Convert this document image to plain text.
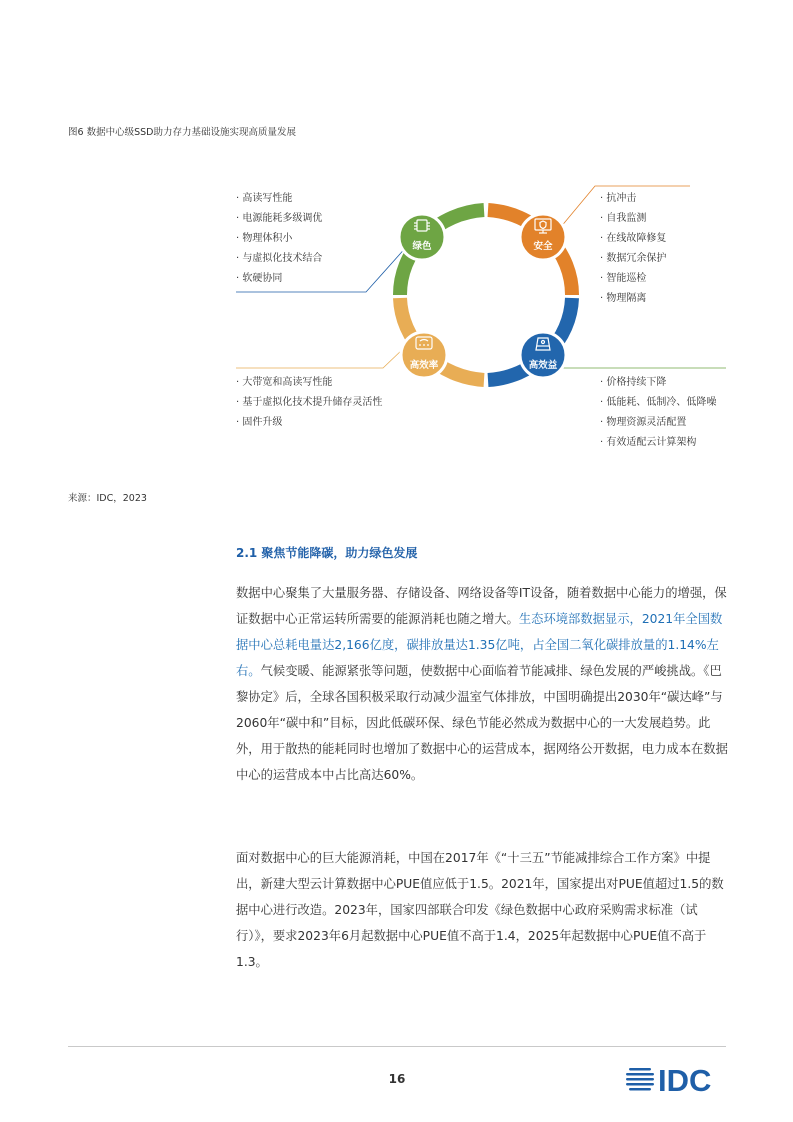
图6 数据中心级SSD助力存力基础设施实现高质量发展
绿色	安全
高效率	高效益
· 高读写性能
· 电源能耗多级调优
· 物理体积小
· 与虚拟化技术结合
· 软硬协同
· 抗冲击
· 自我监测
· 在线故障修复
· 数据冗余保护
· 智能巡检
· 物理隔离
· 大带宽和高读写性能
· 基于虚拟化技术提升储存灵活性
· 固件升级
· 价格持续下降
· 低能耗、低制冷、低降噪
· 物理资源灵活配置
· 有效适配云计算架构
来源：IDC，2023
2.1 聚焦节能降碳，助力绿色发展
数据中心聚集了大量服务器、存储设备、网络设备等IT设备，随着数据中心能力的增强，保证数据中心正常运转所需要的能源消耗也随之增大。生态环境部数据显示，2021年全国数据中心总耗电量达2,166亿度，碳排放量达1.35亿吨，占全国二氧化碳排放量的1.14%左右。气候变暖、能源紧张等问题，使数据中心面临着节能减排、绿色发展的严峻挑战。《巴黎协定》后，全球各国积极采取行动减少温室气体排放，中国明确提出2030年“碳达峰”与2060年“碳中和”目标，因此低碳环保、绿色节能必然成为数据中心的一大发展趋势。此外，用于散热的能耗同时也增加了数据中心的运营成本，据网络公开数据，电力成本在数据中心的运营成本中占比高达60%。
面对数据中心的巨大能源消耗，中国在2017年《“十三五”节能减排综合工作方案》中提出，新建大型云计算数据中心PUE值应低于1.5。2021年，国家提出对PUE值超过1.5的数据中心进行改造。2023年，国家四部联合印发《绿色数据中心政府采购需求标准（试行）》，要求2023年6月起数据中心PUE值不高于1.4，2025年起数据中心PUE值不高于1.3。
16	IDC
